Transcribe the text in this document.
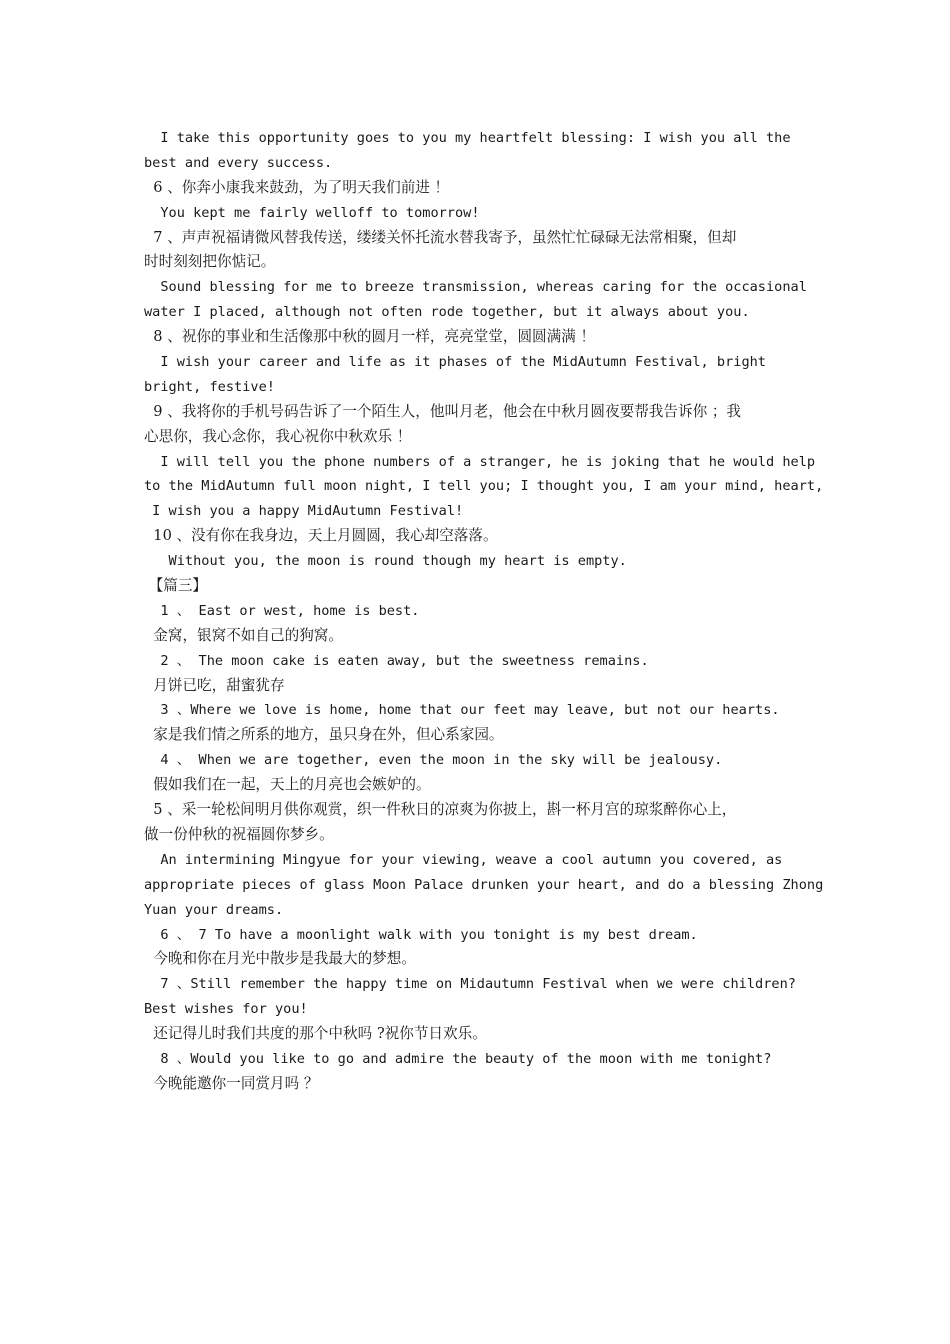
I take this opportunity goes to you my heartfelt blessing: I wish you all the
best and every success.
6 、你奔小康我来鼓劲，为了明天我们前进 ！
You kept me fairly welloff to tomorrow!
7 、声声祝福请微风替我传送，缕缕关怀托流水替我寄予，虽然忙忙碌碌无法常相聚，但却
时时刻刻把你惦记。
Sound blessing for me to breeze transmission, whereas caring for the occasional
water I placed, although not often rode together, but it always about you.
8 、祝你的事业和生活像那中秋的圆月一样，亮亮堂堂，圆圆满满 ！
I wish your career and life as it phases of the MidAutumn Festival, bright
bright, festive!
9 、我将你的手机号码告诉了一个陌生人，他叫月老，他会在中秋月圆夜要帮我告诉你 ；我
心思你，我心念你，我心祝你中秋欢乐 ！
I will tell you the phone numbers of a stranger, he is joking that he would help
to the MidAutumn full moon night, I tell you; I thought you, I am your mind, heart,
I wish you a happy MidAutumn Festival!
10 、没有你在我身边，天上月圆圆，我心却空落落。
Without you, the moon is round though my heart is empty.
【篇三】
1 、 East or west, home is best.
金窝，银窝不如自己的狗窝。
2 、 The moon cake is eaten away, but the sweetness remains.
月饼已吃，甜蜜犹存
3 、Where we love is home, home that our feet may leave, but not our hearts.
家是我们情之所系的地方，虽只身在外，但心系家园。
4 、 When we are together, even the moon in the sky will be jealousy.
假如我们在一起，天上的月亮也会嫉妒的。
5 、采一轮松间明月供你观赏，织一件秋日的凉爽为你披上，斟一杯月宫的琼浆醉你心上，
做一份仲秋的祝福圆你梦乡。
An intermining Mingyue for your viewing, weave a cool autumn you covered, as
appropriate pieces of glass Moon Palace drunken your heart, and do a blessing Zhong
Yuan your dreams.
6 、 7 To have a moonlight walk with you tonight is my best dream.
今晚和你在月光中散步是我最大的梦想。
7 、Still remember the happy time on Midautumn Festival when we were children?
Best wishes for you!
还记得儿时我们共度的那个中秋吗 ?祝你节日欢乐。
8 、Would you like to go and admire the beauty of the moon with me tonight?
今晚能邀你一同赏月吗 ？
